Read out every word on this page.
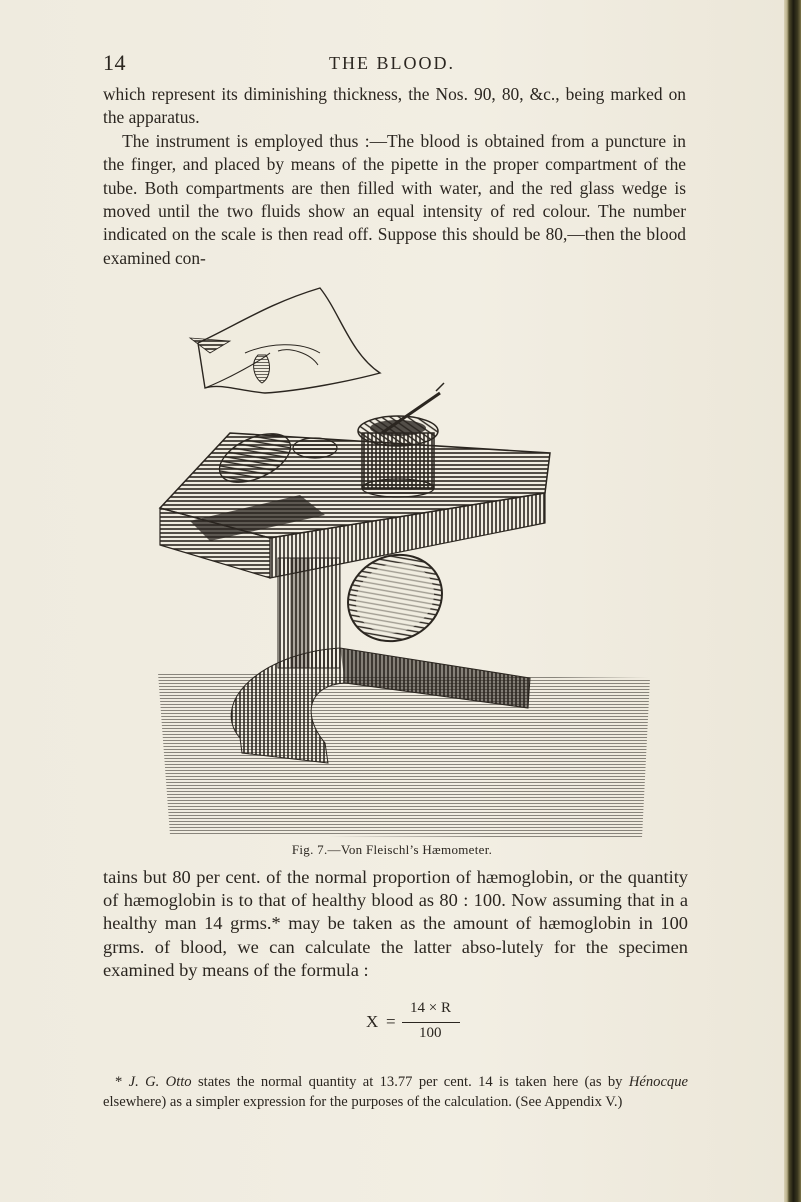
14	THE BLOOD.

which represent its diminishing thickness, the Nos. 90, 80, &c., being marked on the apparatus.

The instrument is employed thus :—The blood is obtained from a puncture in the finger, and placed by means of the pipette in the proper compartment of the tube. Both compartments are then filled with water, and the red glass wedge is moved until the two fluids show an equal intensity of red colour. The number indicated on the scale is then read off. Suppose this should be 80,—then the blood examined con-

Fig. 7.—Von Fleischl’s Hæmometer.

tains but 80 per cent. of the normal proportion of hæmoglobin, or the quantity of hæmoglobin is to that of healthy blood as 80 : 100. Now assuming that in a healthy man 14 grms.* may be taken as the amount of hæmoglobin in 100 grms. of blood, we can calculate the latter abso-lutely for the specimen examined by means of the formula :

X =
14 × R
100

* J. G. Otto states the normal quantity at 13.77 per cent. 14 is taken here (as by Hénocque elsewhere) as a simpler expression for the purposes of the calculation. (See Appendix V.)
